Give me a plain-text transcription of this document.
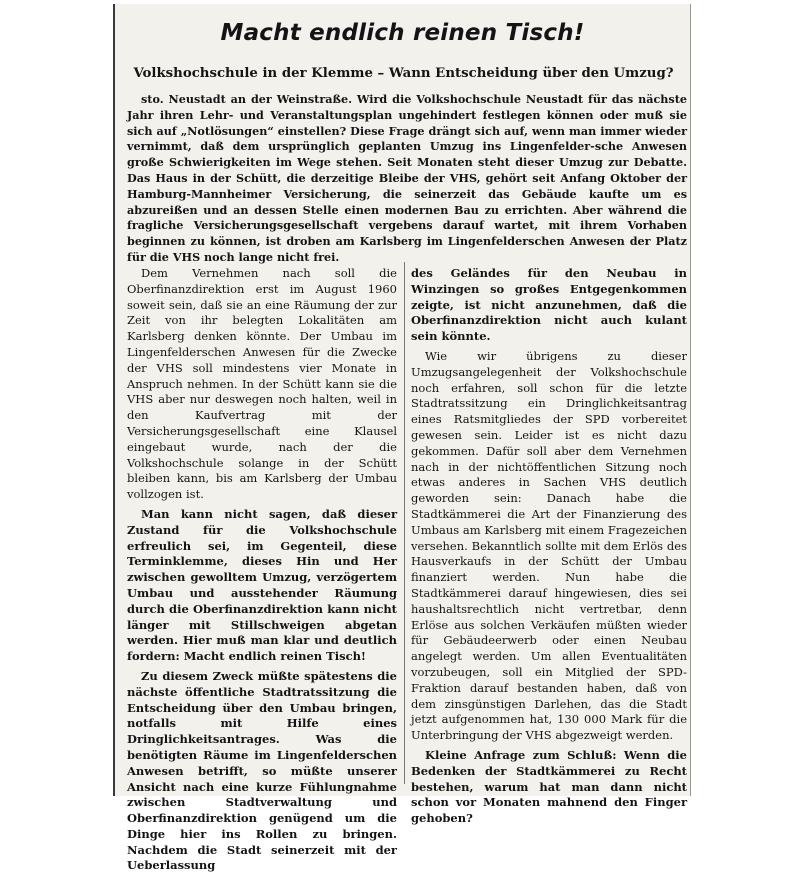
Macht endlich reinen Tisch!
Volkshochschule in der Klemme – Wann Entscheidung über den Umzug?
sto. Neustadt an der Weinstraße. Wird die Volkshochschule Neustadt für das nächste Jahr ihren Lehr- und Veranstaltungsplan ungehindert festlegen können oder muß sie sich auf „Notlösungen“ einstellen? Diese Frage drängt sich auf, wenn man immer wieder vernimmt, daß dem ursprünglich geplanten Umzug ins Lingenfelder-sche Anwesen große Schwierigkeiten im Wege stehen. Seit Monaten steht dieser Umzug zur Debatte. Das Haus in der Schütt, die derzeitige Bleibe der VHS, gehört seit Anfang Oktober der Hamburg-Mannheimer Versicherung, die seinerzeit das Gebäude kaufte um es abzureißen und an dessen Stelle einen modernen Bau zu errichten. Aber während die fragliche Versicherungsgesellschaft vergebens darauf wartet, mit ihrem Vorhaben beginnen zu können, ist droben am Karlsberg im Lingenfelderschen Anwesen der Platz für die VHS noch lange nicht frei.

Dem Vernehmen nach soll die Oberfinanzdirektion erst im August 1960 soweit sein, daß sie an eine Räumung der zur Zeit von ihr belegten Lokalitäten am Karlsberg denken könnte. Der Umbau im Lingenfelderschen Anwesen für die Zwecke der VHS soll mindestens vier Monate in Anspruch nehmen. In der Schütt kann sie die VHS aber nur deswegen noch halten, weil in den Kaufvertrag mit der Versicherungsgesellschaft eine Klausel eingebaut wurde, nach der die Volkshochschule solange in der Schütt bleiben kann, bis am Karlsberg der Umbau vollzogen ist.

Man kann nicht sagen, daß dieser Zustand für die Volkshochschule erfreulich sei, im Gegenteil, diese Terminklemme, dieses Hin und Her zwischen gewolltem Umzug, verzögertem Umbau und ausstehender Räumung durch die Oberfinanzdirektion kann nicht länger mit Stillschweigen abgetan werden. Hier muß man klar und deutlich fordern: Macht endlich reinen Tisch!

Zu diesem Zweck müßte spätestens die nächste öffentliche Stadtratssitzung die Entscheidung über den Umbau bringen, notfalls mit Hilfe eines Dringlichkeitsantrages. Was die benötigten Räume im Lingenfelderschen Anwesen betrifft, so müßte unserer Ansicht nach eine kurze Fühlungnahme zwischen Stadtverwaltung und Oberfinanzdirektion genügend um die Dinge hier ins Rollen zu bringen. Nachdem die Stadt seinerzeit mit der Ueberlassung

des Geländes für den Neubau in Winzingen so großes Entgegenkommen zeigte, ist nicht anzunehmen, daß die Oberfinanzdirektion nicht auch kulant sein könnte.

Wie wir übrigens zu dieser Umzugsangelegenheit der Volkshochschule noch erfahren, soll schon für die letzte Stadtratssitzung ein Dringlichkeitsantrag eines Ratsmitgliedes der SPD vorbereitet gewesen sein. Leider ist es nicht dazu gekommen. Dafür soll aber dem Vernehmen nach in der nichtöffentlichen Sitzung noch etwas anderes in Sachen VHS deutlich geworden sein: Danach habe die Stadtkämmerei die Art der Finanzierung des Umbaus am Karlsberg mit einem Fragezeichen versehen. Bekanntlich sollte mit dem Erlös des Hausverkaufs in der Schütt der Umbau finanziert werden. Nun habe die Stadtkämmerei darauf hingewiesen, dies sei haushaltsrechtlich nicht vertretbar, denn Erlöse aus solchen Verkäufen müßten wieder für Gebäudeerwerb oder einen Neubau angelegt werden. Um allen Eventualitäten vorzubeugen, soll ein Mitglied der SPD-Fraktion darauf bestanden haben, daß von dem zinsgünstigen Darlehen, das die Stadt jetzt aufgenommen hat, 130 000 Mark für die Unterbringung der VHS abgezweigt werden.

Kleine Anfrage zum Schluß: Wenn die Bedenken der Stadtkämmerei zu Recht bestehen, warum hat man dann nicht schon vor Monaten mahnend den Finger gehoben?
